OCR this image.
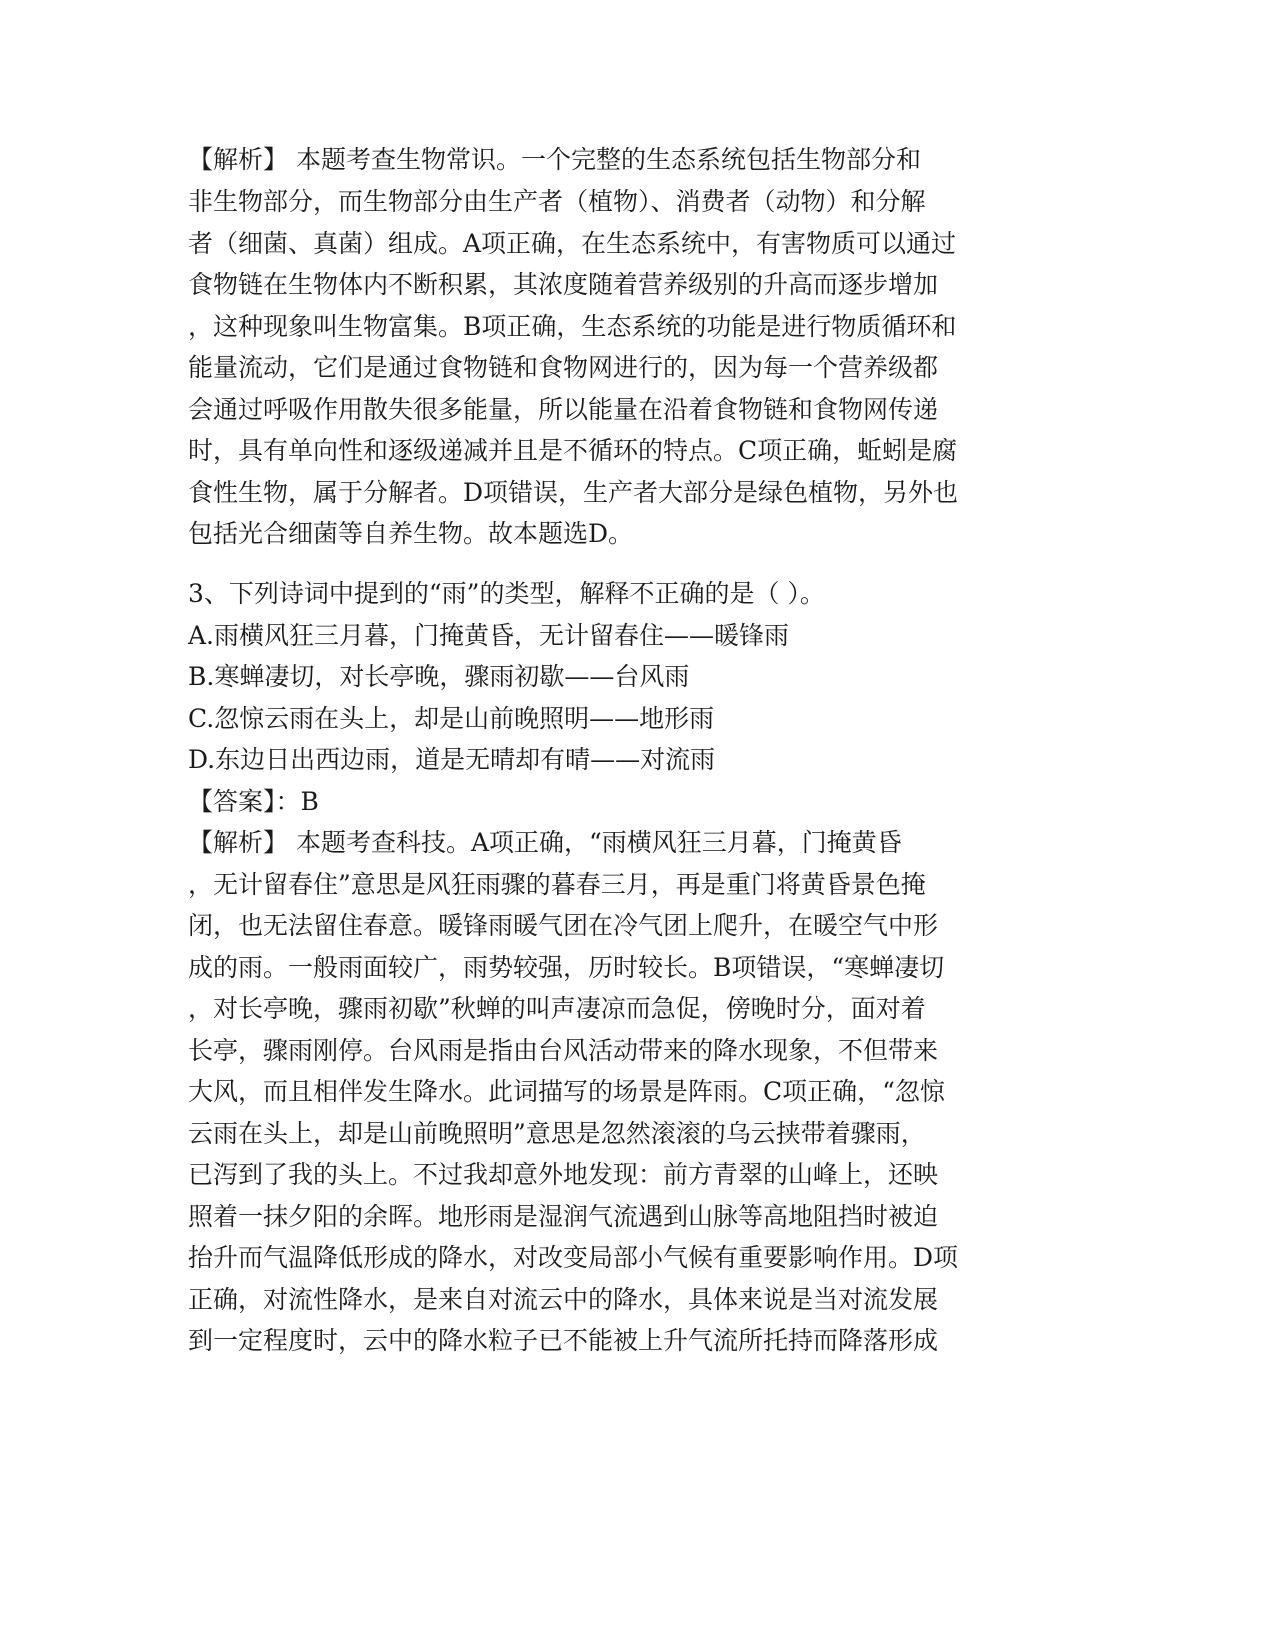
【解析】 本题考查生物常识。一个完整的生态系统包括生物部分和
非生物部分，而生物部分由生产者（植物）、消费者（动物）和分解
者（细菌、真菌）组成。A项正确，在生态系统中，有害物质可以通过
食物链在生物体内不断积累，其浓度随着营养级别的升高而逐步增加
，这种现象叫生物富集。B项正确，生态系统的功能是进行物质循环和
能量流动，它们是通过食物链和食物网进行的，因为每一个营养级都
会通过呼吸作用散失很多能量，所以能量在沿着食物链和食物网传递
时，具有单向性和逐级递减并且是不循环的特点。C项正确，蚯蚓是腐
食性生物，属于分解者。D项错误，生产者大部分是绿色植物，另外也
包括光合细菌等自养生物。故本题选D。
3、下列诗词中提到的“雨”的类型，解释不正确的是（ ）。
A.雨横风狂三月暮，门掩黄昏，无计留春住——暖锋雨
B.寒蝉凄切，对长亭晚，骤雨初歇——台风雨
C.忽惊云雨在头上，却是山前晚照明——地形雨
D.东边日出西边雨，道是无晴却有晴——对流雨
【答案】：B
【解析】 本题考查科技。A项正确，“雨横风狂三月暮，门掩黄昏
，无计留春住”意思是风狂雨骤的暮春三月，再是重门将黄昏景色掩
闭，也无法留住春意。暖锋雨暖气团在冷气团上爬升，在暖空气中形
成的雨。一般雨面较广，雨势较强，历时较长。B项错误，“寒蝉凄切
，对长亭晚，骤雨初歇”秋蝉的叫声凄凉而急促，傍晚时分，面对着
长亭，骤雨刚停。台风雨是指由台风活动带来的降水现象，不但带来
大风，而且相伴发生降水。此词描写的场景是阵雨。C项正确，“忽惊
云雨在头上，却是山前晚照明”意思是忽然滚滚的乌云挟带着骤雨，
已泻到了我的头上。不过我却意外地发现：前方青翠的山峰上，还映
照着一抹夕阳的余晖。地形雨是湿润气流遇到山脉等高地阻挡时被迫
抬升而气温降低形成的降水，对改变局部小气候有重要影响作用。D项
正确，对流性降水，是来自对流云中的降水，具体来说是当对流发展
到一定程度时，云中的降水粒子已不能被上升气流所托持而降落形成
